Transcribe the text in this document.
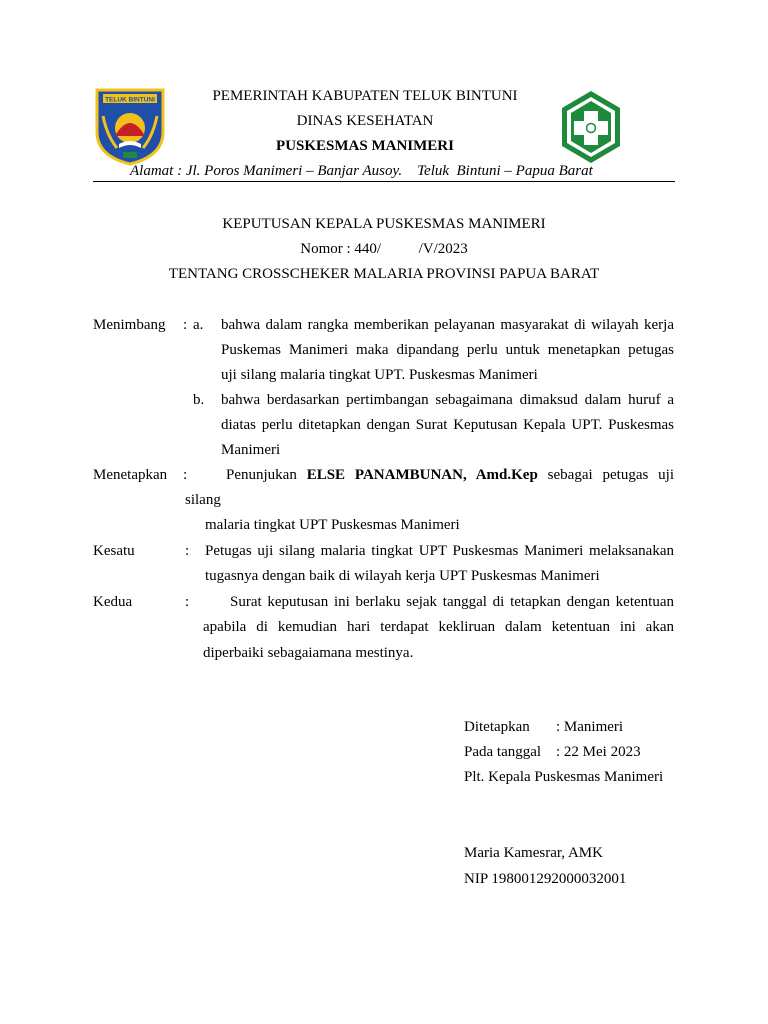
TELUK BINTUNI	PEMERINTAH KABUPATEN TELUK BINTUNI
DINAS KESEHATAN
PUSKESMAS MANIMERI
Alamat : Jl. Poros Manimeri – Banjar Ausoy.    Teluk  Bintuni – Papua Barat
KEPUTUSAN KEPALA PUSKESMAS MANIMERI
Nomor : 440/          /V/2023
TENTANG CROSSCHEKER MALARIA PROVINSI PAPUA BARAT
Menimbang : a. bahwa dalam rangka memberikan pelayanan masyarakat di wilayah kerja
Puskemas Manimeri maka dipandang perlu untuk menetapkan petugas
uji silang malaria tingkat UPT. Puskesmas Manimeri
b. bahwa berdasarkan pertimbangan sebagaimana dimaksud dalam huruf a
diatas perlu ditetapkan dengan Surat Keputusan Kepala UPT. Puskesmas
Manimeri
Menetapkan :	Penunjukan ELSE PANAMBUNAN, Amd.Kep sebagai petugas uji
silang
malaria tingkat UPT Puskesmas Manimeri
Kesatu	: Petugas uji silang malaria tingkat UPT Puskesmas Manimeri melaksanakan
tugasnya dengan baik di wilayah kerja UPT Puskesmas Manimeri
Kedua	:	Surat keputusan ini berlaku sejak tanggal di tetapkan dengan ketentuan
apabila di kemudian hari terdapat kekliruan dalam ketentuan ini akan
diperbaiki sebagaiamana mestinya.
Ditetapkan : Manimeri
Pada tanggal : 22 Mei 2023
Plt. Kepala Puskesmas Manimeri
Maria Kamesrar, AMK
NIP 198001292000032001
